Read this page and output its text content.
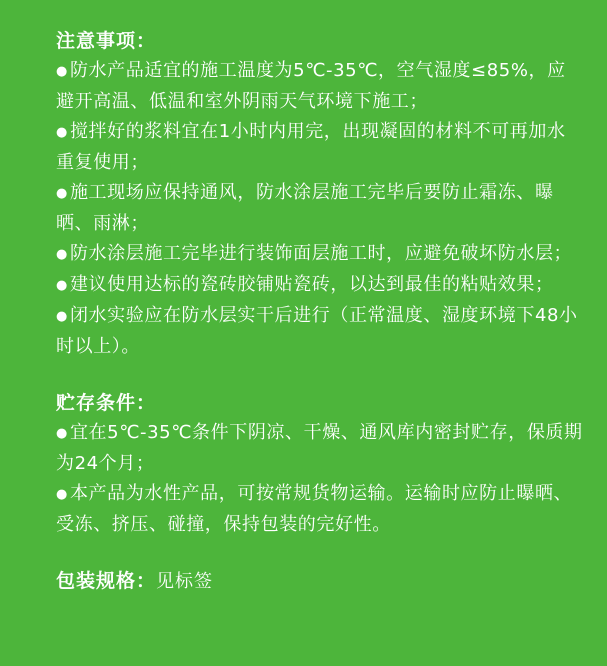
注意事项：
● 防水产品适宜的施工温度为5℃-35℃，空气湿度≤85%，应避开高温、低温和室外阴雨天气环境下施工；
● 搅拌好的浆料宜在1小时内用完，出现凝固的材料不可再加水重复使用；
● 施工现场应保持通风，防水涂层施工完毕后要防止霜冻、曝晒、雨淋；
● 防水涂层施工完毕进行装饰面层施工时，应避免破坏防水层；
● 建议使用达标的瓷砖胶铺贴瓷砖，以达到最佳的粘贴效果；
● 闭水实验应在防水层实干后进行（正常温度、湿度环境下48小时以上）。
贮存条件：
● 宜在5℃-35℃条件下阴凉、干燥、通风库内密封贮存，保质期为24个月；
● 本产品为水性产品，可按常规货物运输。运输时应防止曝晒、受冻、挤压、碰撞，保持包装的完好性。
包装规格：见标签
